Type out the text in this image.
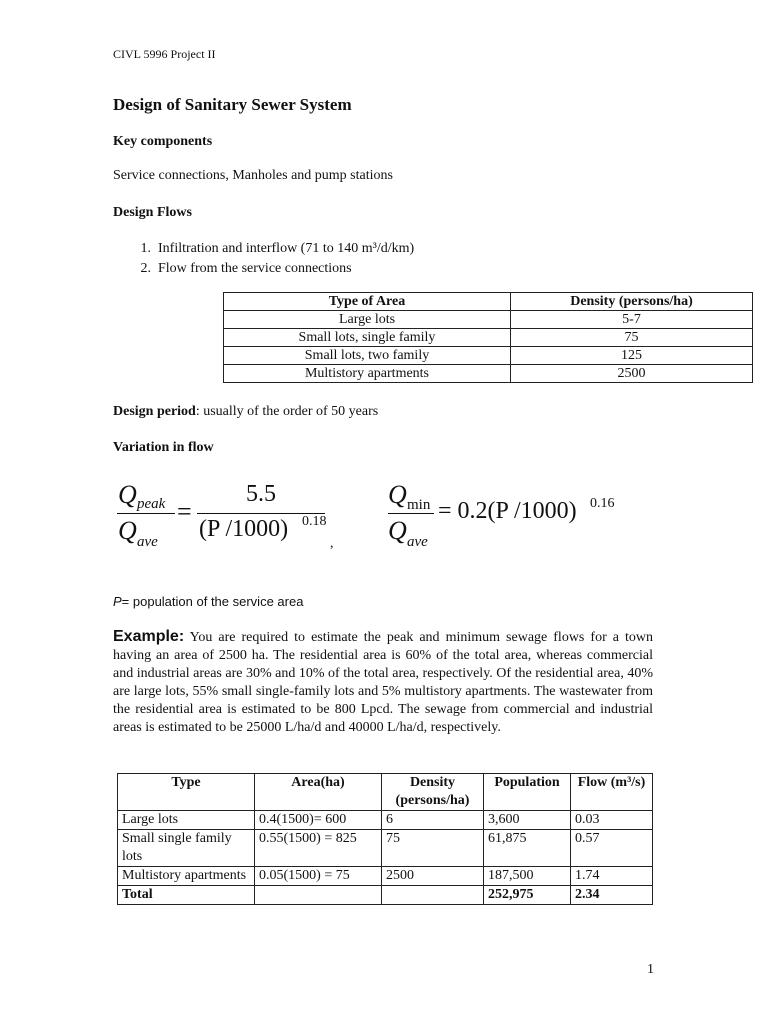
CIVL 5996 Project II
Design of Sanitary Sewer System
Key components
Service connections, Manholes and pump stations
Design Flows
1. Infiltration and interflow (71 to 140 m³/d/km)
2. Flow from the service connections
Type of Area	Density (persons/ha)
Large lots	5-7
Small lots, single family	75
Small lots, two family	125
Multistory apartments	2500
Design period: usually of the order of 50 years
Variation in flow
Q peak
Q ave
=
5.5
(P /1000) 0.18
,
Q min
Q ave
= 0.2(P /1000) 0.16
P= population of the service area
Example: You are required to estimate the peak and minimum sewage flows for a town having an area of 2500 ha. The residential area is 60% of the total area, whereas commercial and industrial areas are 30% and 10% of the total area, respectively. Of the residential area, 40% are large lots, 55% small single-family lots and 5% multistory apartments. The wastewater from the residential area is estimated to be 800 Lpcd. The sewage from commercial and industrial areas is estimated to be 25000 L/ha/d and 40000 L/ha/d, respectively.
Type	Area(ha)	Density (persons/ha)	Population	Flow (m³/s)
Large lots	0.4(1500)= 600	6	3,600	0.03
Small single family lots	0.55(1500) = 825	75	61,875	0.57
Multistory apartments	0.05(1500) = 75	2500	187,500	1.74
Total			252,975	2.34
1
